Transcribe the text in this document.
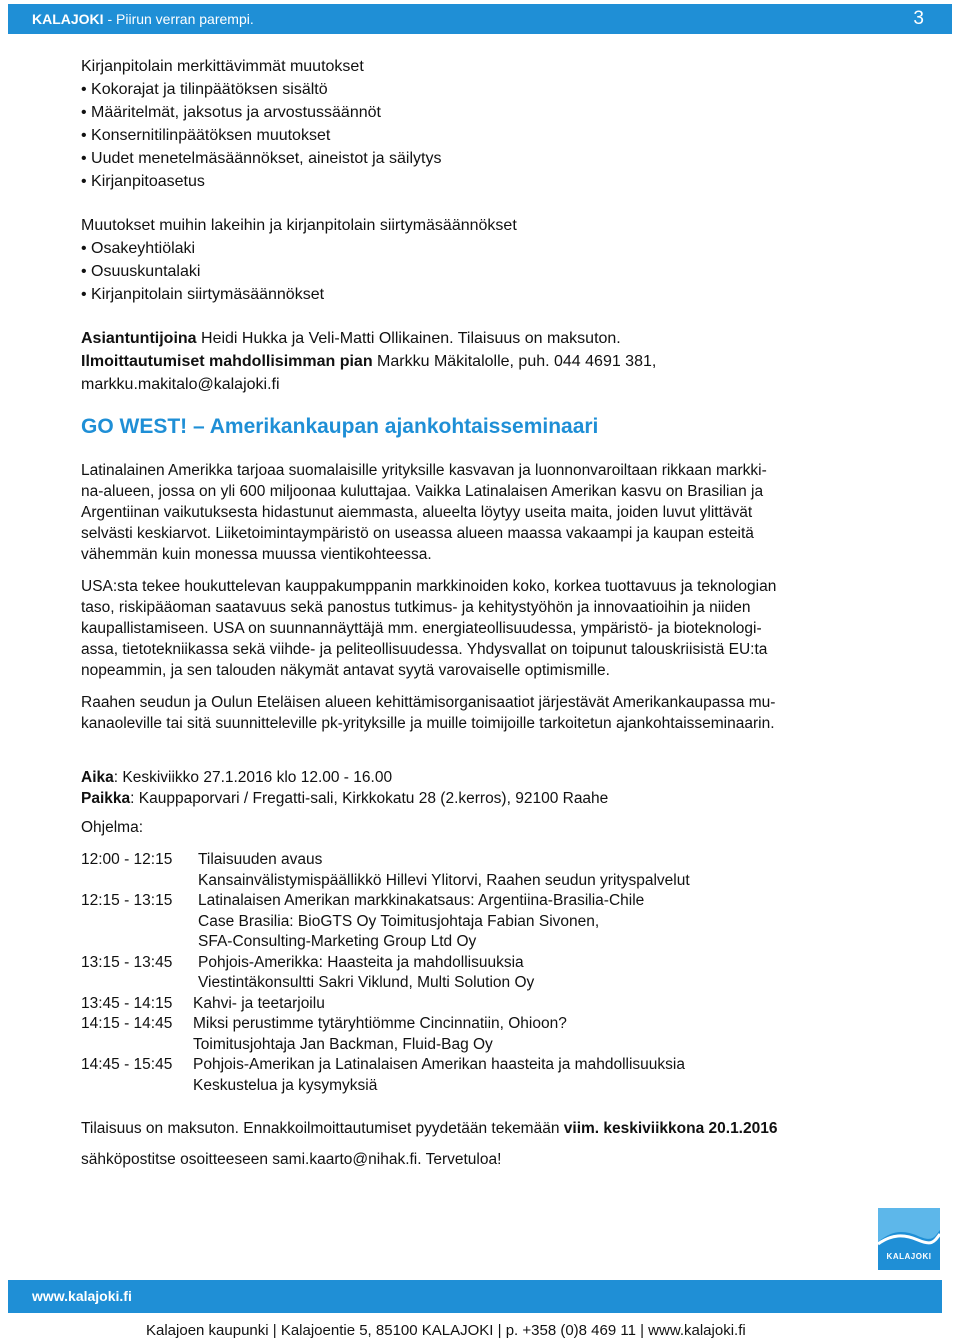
KALAJOKI - Piirun verran parempi.	3

Kirjanpitolain merkittävimmät muutokset

• Kokorajat ja tilinpäätöksen sisältö

• Määritelmät, jaksotus ja arvostussäännöt

• Konsernitilinpäätöksen muutokset

• Uudet menetelmäsäännökset, aineistot ja säilytys

• Kirjanpitoasetus

Muutokset muihin lakeihin ja kirjanpitolain siirtymäsäännökset

• Osakeyhtiölaki

• Osuuskuntalaki

• Kirjanpitolain siirtymäsäännökset

Asiantuntijoina Heidi Hukka ja Veli-Matti Ollikainen. Tilaisuus on maksuton.

Ilmoittautumiset mahdollisimman pian Markku Mäkitalolle, puh. 044 4691 381,

markku.makitalo@kalajoki.fi

GO WEST! – Amerikankaupan ajankohtaisseminaari

Latinalainen Amerikka tarjoaa suomalaisille yrityksille kasvavan ja luonnonvaroiltaan rikkaan markki-

na-alueen, jossa on yli 600 miljoonaa kuluttajaa. Vaikka Latinalaisen Amerikan kasvu on Brasilian ja

Argentiinan vaikutuksesta hidastunut aiemmasta, alueelta löytyy useita maita, joiden luvut ylittävät

selvästi keskiarvot. Liiketoimintaympäristö on useassa alueen maassa vakaampi ja kaupan esteitä

vähemmän kuin monessa muussa vientikohteessa.

USA:sta tekee houkuttelevan kauppakumppanin markkinoiden koko, korkea tuottavuus ja teknologian

taso, riskipääoman saatavuus sekä panostus tutkimus- ja kehitystyöhön ja innovaatioihin ja niiden

kaupallistamiseen. USA on suunnannäyttäjä mm. energiateollisuudessa, ympäristö- ja bioteknologi-

assa, tietotekniikassa sekä viihde- ja peliteollisuudessa. Yhdysvallat on toipunut talouskriisistä EU:ta

nopeammin, ja sen talouden näkymät antavat syytä varovaiselle optimismille.

Raahen seudun ja Oulun Eteläisen alueen kehittämisorganisaatiot järjestävät Amerikankaupassa mu-

kanaoleville tai sitä suunnitteleville pk-yrityksille ja muille toimijoille tarkoitetun ajankohtaisseminaarin.

Aika: Keskiviikko 27.1.2016 klo 12.00 - 16.00

Paikka: Kauppaporvari / Fregatti-sali, Kirkkokatu 28 (2.kerros), 92100 Raahe

Ohjelma:

12:00 - 12:15	Tilaisuuden avaus
Kansainvälistymispäällikkö Hillevi Ylitorvi, Raahen seudun yrityspalvelut
12:15 - 13:15	Latinalaisen Amerikan markkinakatsaus: Argentiina-Brasilia-Chile
Case Brasilia: BioGTS Oy Toimitusjohtaja Fabian Sivonen,
SFA-Consulting-Marketing Group Ltd Oy
13:15 - 13:45	Pohjois-Amerikka: Haasteita ja mahdollisuuksia
Viestintäkonsultti Sakri Viklund, Multi Solution Oy
13:45 - 14:15	Kahvi- ja teetarjoilu
14:15 - 14:45	Miksi perustimme tytäryhtiömme Cincinnatiin, Ohioon?
Toimitusjohtaja Jan Backman, Fluid-Bag Oy
14:45 - 15:45	Pohjois-Amerikan ja Latinalaisen Amerikan haasteita ja mahdollisuuksia
Keskustelua ja kysymyksiä

Tilaisuus on maksuton. Ennakkoilmoittautumiset pyydetään tekemään viim. keskiviikkona 20.1.2016

sähköpostitse osoitteeseen sami.kaarto@nihak.fi. Tervetuloa!

KALAJOKI
www.kalajoki.fi
Kalajoen kaupunki | Kalajoentie 5, 85100 KALAJOKI | p. +358 (0)8 469 11 | www.kalajoki.fi
